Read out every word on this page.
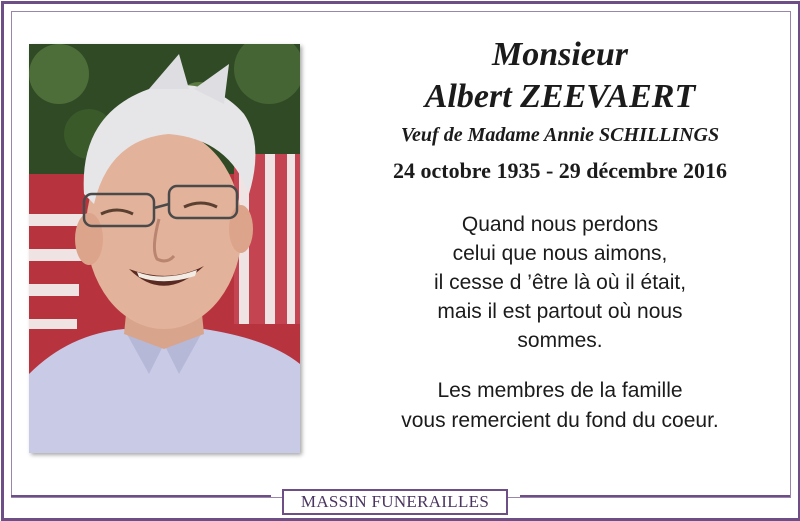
MASSIN FUNERAILLES
Monsieur
Albert ZEEVAERT
Veuf de Madame Annie SCHILLINGS
24 octobre 1935 - 29 décembre 2016
Quand nous perdons
celui que nous aimons,
il cesse d ’être là où il était,
mais il est partout où nous
sommes.
Les membres de la famille
vous remercient du fond du coeur.
